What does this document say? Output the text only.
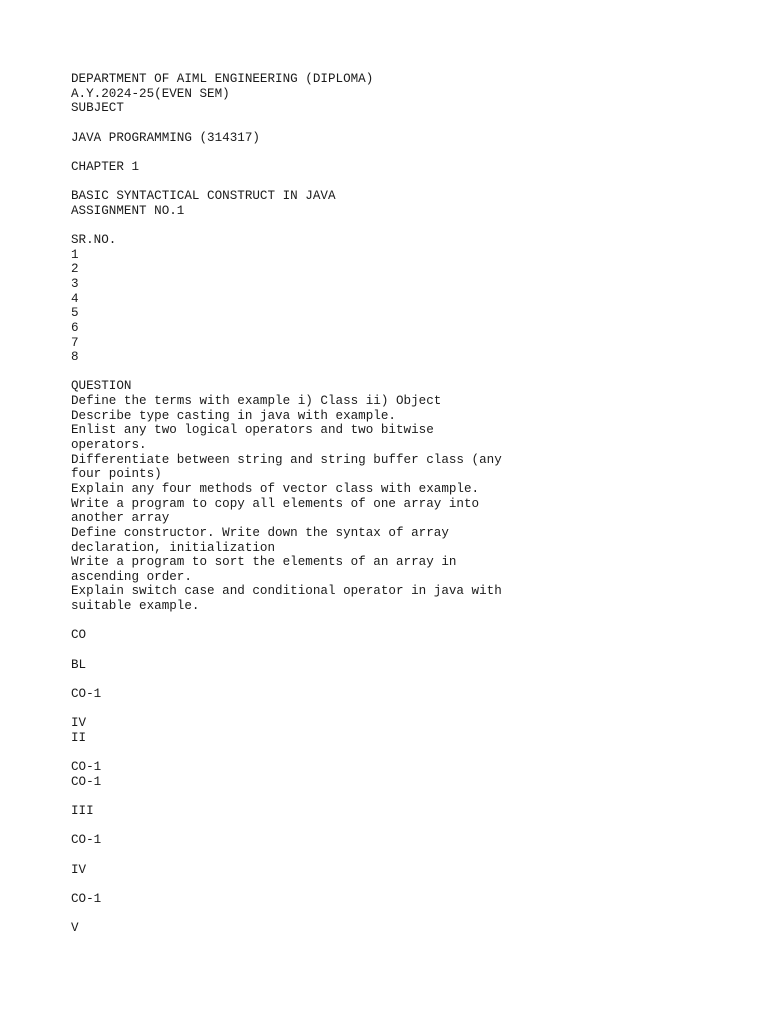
DEPARTMENT OF AIML ENGINEERING (DIPLOMA)
A.Y.2024-25(EVEN SEM)
SUBJECT
JAVA PROGRAMMING (314317)
CHAPTER 1
BASIC SYNTACTICAL CONSTRUCT IN JAVA
ASSIGNMENT NO.1
SR.NO.
1
2
3
4
5
6
7
8
QUESTION
Define the terms with example i) Class ii) Object
Describe type casting in java with example.
Enlist any two logical operators and two bitwise
operators.
Differentiate between string and string buffer class (any
four points)
Explain any four methods of vector class with example.
Write a program to copy all elements of one array into
another array
Define constructor. Write down the syntax of array
declaration, initialization
Write a program to sort the elements of an array in
ascending order.
Explain switch case and conditional operator in java with
suitable example.
CO
BL
CO-1
IV
II
CO-1
CO-1
III
CO-1
IV
CO-1
V
